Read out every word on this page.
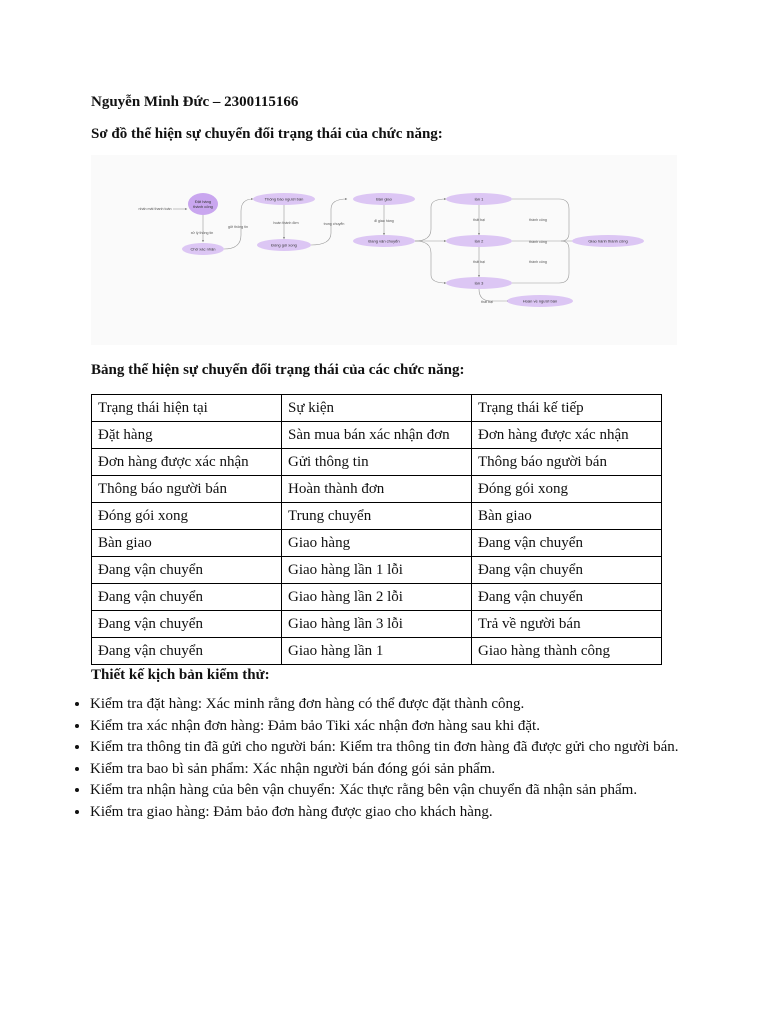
Nguyễn Minh Đức – 2300115166
Sơ đồ thể hiện sự chuyển đổi trạng thái của chức năng:
nhấn mát thanh toán
Đặt hàng
thành công
xử lý thông tin
Chờ xác nhận
gửi thông tin
Thông báo người bán
hoàn thành đơn
Đóng gói xong
trung chuyển
Bàn giao
đi giao hàng
Đang vận chuyển
lần 1
thất bại	thành công
lần 2
thất bại
thành công
lần 3
thành công
thất bại
Giao hành thành công
Hoàn về người bán
Bảng thể hiện sự chuyển đổi trạng thái của các chức năng:
Trạng thái hiện tại	Sự kiện	Trạng thái kế tiếp
Đặt hàng	Sàn mua bán xác nhận đơn	Đơn hàng được xác nhận
Đơn hàng được xác nhận	Gửi thông tin	Thông báo người bán
Thông báo người bán	Hoàn thành đơn	Đóng gói xong
Đóng gói xong	Trung chuyển	Bàn giao
Bàn giao	Giao hàng	Đang vận chuyển
Đang vận chuyển	Giao hàng lần 1 lỗi	Đang vận chuyển
Đang vận chuyển	Giao hàng lần 2 lỗi	Đang vận chuyển
Đang vận chuyển	Giao hàng lần 3 lỗi	Trả về người bán
Đang vận chuyển	Giao hàng lần 1	Giao hàng thành công
Thiết kế kịch bản kiểm thử:
• Kiểm tra đặt hàng: Xác minh rằng đơn hàng có thể được đặt thành công.
• Kiểm tra xác nhận đơn hàng: Đảm bảo Tiki xác nhận đơn hàng sau khi đặt.
• Kiểm tra thông tin đã gửi cho người bán: Kiểm tra thông tin đơn hàng đã được gửi cho người bán.
• Kiểm tra bao bì sản phẩm: Xác nhận người bán đóng gói sản phẩm.
• Kiểm tra nhận hàng của bên vận chuyển: Xác thực rằng bên vận chuyển đã nhận sản phẩm.
• Kiểm tra giao hàng: Đảm bảo đơn hàng được giao cho khách hàng.
